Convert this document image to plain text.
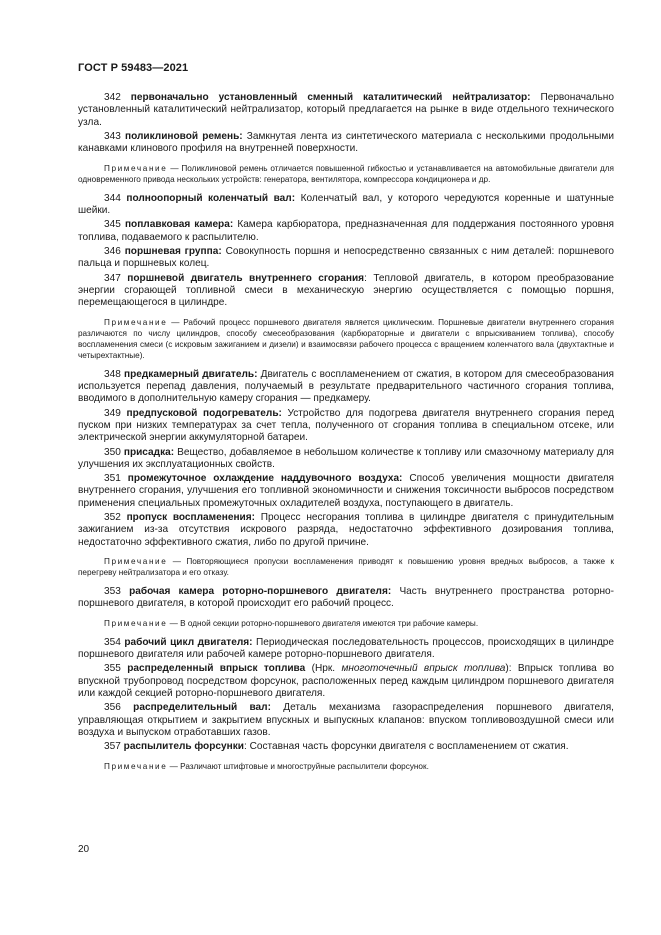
ГОСТ Р 59483—2021

342 первоначально установленный сменный каталитический нейтрализатор: Первоначально установленный каталитический нейтрализатор, который предлагается на рынке в виде отдельного технического узла.

343 поликлиновой ремень: Замкнутая лента из синтетического материала с несколькими продольными канавками клинового профиля на внутренней поверхности.

Примечание — Поликлиновой ремень отличается повышенной гибкостью и устанавливается на автомобильные двигатели для одновременного привода нескольких устройств: генератора, вентилятора, компрессора кондиционера и др.

344 полноопорный коленчатый вал: Коленчатый вал, у которого чередуются коренные и шатунные шейки.

345 поплавковая камера: Камера карбюратора, предназначенная для поддержания постоянного уровня топлива, подаваемого к распылителю.

346 поршневая группа: Совокупность поршня и непосредственно связанных с ним деталей: поршневого пальца и поршневых колец.

347 поршневой двигатель внутреннего сгорания: Тепловой двигатель, в котором преобразование энергии сгорающей топливной смеси в механическую энергию осуществляется с помощью поршня, перемещающегося в цилиндре.

Примечание — Рабочий процесс поршневого двигателя является циклическим. Поршневые двигатели внутреннего сгорания различаются по числу цилиндров, способу смесеобразования (карбюраторные и двигатели с впрыскиванием топлива), способу воспламенения смеси (с искровым зажиганием и дизели) и взаимосвязи рабочего процесса с вращением коленчатого вала (двухтактные и четырехтактные).

348 предкамерный двигатель: Двигатель с воспламенением от сжатия, в котором для смесеобразования используется перепад давления, получаемый в результате предварительного частичного сгорания топлива, вводимого в дополнительную камеру сгорания — предкамеру.

349 предпусковой подогреватель: Устройство для подогрева двигателя внутреннего сгорания перед пуском при низких температурах за счет тепла, полученного от сгорания топлива в специальном отсеке, или электрической энергии аккумуляторной батареи.

350 присадка: Вещество, добавляемое в небольшом количестве к топливу или смазочному материалу для улучшения их эксплуатационных свойств.

351 промежуточное охлаждение наддувочного воздуха: Способ увеличения мощности двигателя внутреннего сгорания, улучшения его топливной экономичности и снижения токсичности выбросов посредством применения специальных промежуточных охладителей воздуха, поступающего в двигатель.

352 пропуск воспламенения: Процесс несгорания топлива в цилиндре двигателя с принудительным зажиганием из-за отсутствия искрового разряда, недостаточно эффективного дозирования топлива, недостаточно эффективного сжатия, либо по другой причине.

Примечание — Повторяющиеся пропуски воспламенения приводят к повышению уровня вредных выбросов, а также к перегреву нейтрализатора и его отказу.

353 рабочая камера роторно-поршневого двигателя: Часть внутреннего пространства роторно-поршневого двигателя, в которой происходит его рабочий процесс.

Примечание — В одной секции роторно-поршневого двигателя имеются три рабочие камеры.

354 рабочий цикл двигателя: Периодическая последовательность процессов, происходящих в цилиндре поршневого двигателя или рабочей камере роторно-поршневого двигателя.

355 распределенный впрыск топлива (Нрк. многоточечный впрыск топлива): Впрыск топлива во впускной трубопровод посредством форсунок, расположенных перед каждым цилиндром поршневого двигателя или каждой секцией роторно-поршневого двигателя.

356 распределительный вал: Деталь механизма газораспределения поршневого двигателя, управляющая открытием и закрытием впускных и выпускных клапанов: впуском топливовоздушной смеси или воздуха и выпуском отработавших газов.

357 распылитель форсунки: Составная часть форсунки двигателя с воспламенением от сжатия.

Примечание — Различают штифтовые и многоструйные распылители форсунок.

20
